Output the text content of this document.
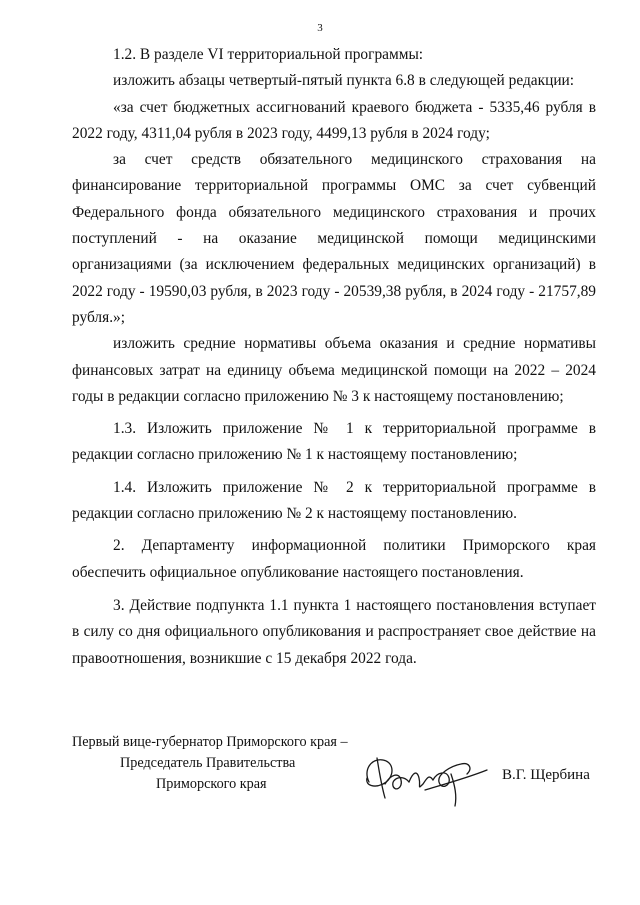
3

1.2. В разделе VI территориальной программы:

изложить абзацы четвертый-пятый пункта 6.8 в следующей редакции:

«за счет бюджетных ассигнований краевого бюджета - 5335,46 рубля в 2022 году, 4311,04 рубля в 2023 году, 4499,13 рубля в 2024 году;

за счет средств обязательного медицинского страхования на финансирование территориальной программы ОМС за счет субвенций Федерального фонда обязательного медицинского страхования и прочих поступлений - на оказание медицинской помощи медицинскими организациями (за исключением федеральных медицинских организаций) в 2022 году - 19590,03 рубля, в 2023 году - 20539,38 рубля, в 2024 году - 21757,89 рубля.»;

изложить средние нормативы объема оказания и средние нормативы финансовых затрат на единицу объема медицинской помощи на 2022 – 2024 годы в редакции согласно приложению № 3 к настоящему постановлению;

1.3. Изложить приложение № 1 к территориальной программе в редакции согласно приложению № 1 к настоящему постановлению;

1.4. Изложить приложение № 2 к территориальной программе в редакции согласно приложению № 2 к настоящему постановлению.

2. Департаменту информационной политики Приморского края обеспечить официальное опубликование настоящего постановления.

3. Действие подпункта 1.1 пункта 1 настоящего постановления вступает в силу со дня официального опубликования и распространяет свое действие на правоотношения, возникшие с 15 декабря 2022 года.

Первый вице-губернатор Приморского края –
Председатель Правительства
Приморского края
В.Г. Щербина
